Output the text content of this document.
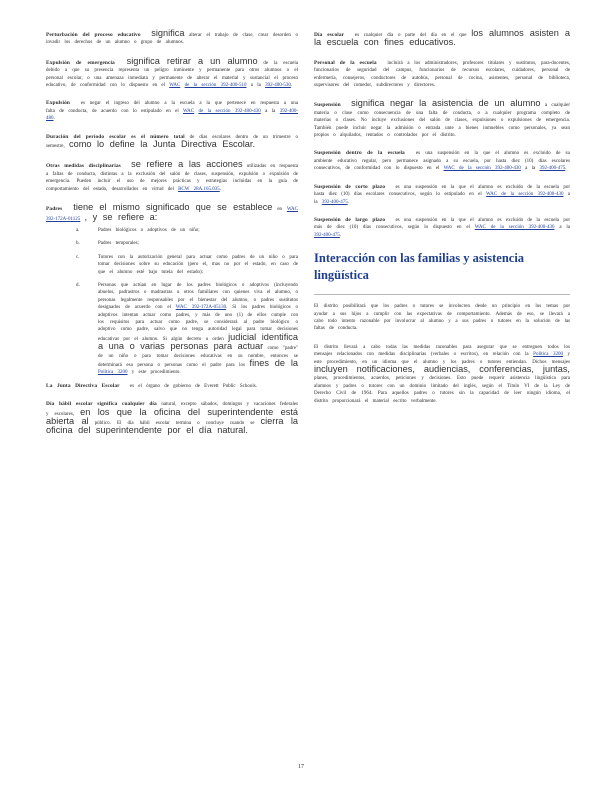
Perturbación del proceso educativo significa alterar el trabajo de clase, crear desorden o invadir los derechos de un alumno o grupo de alumnos.
Expulsión de emergencia significa retirar a un alumno de la escuela debido a que su presencia representa un peligro inminente y permanente para otros alumnos o el personal escolar, o una amenaza inmediata y permanente de alterar el material y sustancial el proceso educativo, de conformidad con lo dispuesto en el WAC de la sección 392-400-510 a la 392-400-530.
Expulsión es negar el ingreso del alumno a la escuela a la que pertenece en respuesta a una falta de conducta, de acuerdo con lo estipulado en el WAC de la sección 392-400-430 a la 392-400-480.
Duración del período escolar es el número total de días escolares dentro de un trimestre o semestre, como lo define la Junta Directiva Escolar.
Otras medidas disciplinarias se refiere a las acciones utilizadas en respuesta a faltas de conducta, distintas a la exclusión del salón de clases, suspensión, expulsión o expulsión de emergencia. Pueden incluir el uso de mejores prácticas y estrategias incluidas en la guía de comportamiento del estado, desarrollados en virtud del RCW 28A.165.035.
Padres tiene el mismo significado que se establece en WAC 392-172A-01125 , y se refiere a:
a.	Padres biológicos o adoptivos de un niño;
b.	Padres temporales;
c.	Tutores con la autorización general para actuar como padres de un niño o para tomar decisiones sobre su educación (pero el, mas no por el estado, en caso de que el alumno esté bajo tutela del estado);
d.	Personas que actúan en lugar de los padres biológicos o adoptivos (incluyendo abuelos, padrastros o madrastras u otros familiares con quienes viva el alumno, o personas legalmente responsables por el bienestar del alumno, o padres sustitutos designados de acuerdo con el WAC 392-172A-05130. Si los padres biológicos o adoptivos intentan actuar como padres, y más de uno (1) de ellos cumple con los requisitos para actuar como padre, se considerará al padre biológico o adoptivo como padre, salvo que no tenga autoridad legal para tomar decisiones educativas por el alumno. Si algún decreto u orden judicial identifica a una o varias personas para actuar como "padre" de un niño o para tomar decisiones educativas en su nombre, entonces se determinará esa persona o personas como el padre para los fines de la Política 3200 y este procedimiento.
La Junta Directiva Escolar es el órgano de gobierno de Everett Public Schools.
Día hábil escolar significa cualquier día natural, excepto sábados, domingos y vacaciones federales y escolares, en los que la oficina del superintendente está abierta al público. El día hábil escolar termina o concluye cuando se cierra la oficina del superintendente por el día natural.
Día escolar es cualquier día o parte del día en el que los alumnos asisten a la escuela con fines educativos.
Personal de la escuela incluirá a los administradores, profesores titulares y sustitutos, para-docentes, funcionarios de seguridad del campus, funcionarios de recursos escolares, cuidadores, personal de enfermería, consejeros, conductores de autobús, personal de cocina, asistentes, personal de biblioteca, supervisores del comedor, subdirectores y directores.
Suspensión significa negar la asistencia de un alumno a cualquier materia o clase como consecuencia de una falta de conducta, o a cualquier programa completo de materias o clases. No incluye exclusiones del salón de clases, expulsiones o expulsiones de emergencia. También puede incluir negar la admisión o entrada unte a bienes inmuebles como personales, ya sean propios o alquilados, rentados o controlados por el distrito.
Suspensión dentro de la escuela es una suspensión en la que el alumno es excluido de su ambiente educativo regular, pero permanece asignado a su escuela, por hasta diez (10) días escolares consecutivos, de conformidad con lo dispuesto en el WAC de la sección 392-400-430 a la 392-400-475.
Suspensión de corto plazo es una suspensión en la que el alumno es excluido de la escuela por hasta diez (10) días escolares consecutivos, según lo estipulado en el WAC de la sección 392-400-430 a la 392-400-475.
Suspensión de largo plazo es una suspensión en la que el alumno es excluido de la escuela por más de diez (10) días consecutivos, según lo dispuesto en el WAC de la sección 392-400-430 a la 392-400-475.
Interacción con las familias y asistencia lingüística
El distrito posibilitará que los padres o tutores se involucren desde un principio en los temas por ayudar a sus hijos a cumplir con las expectativas de comportamiento. Además de eso, se llevará a cabo todo intento razonable por involucrar al alumno y a sus padres o tutores en la solución de las faltas de conducta.
El distrito llevará a cabo todas las medidas razonables para asegurar que se entreguen todos los mensajes relacionados con medidas disciplinarias (verbales o escritos), en relación con la Política 3200 y este procedimiento, en un idioma que el alumno y los padres o tutores entiendan. Dichos mensajes incluyen notificaciones, audiencias, conferencias, juntas, planes, procedimientos, acuerdos, peticiones y decisiones. Esto puede requerir asistencia lingüística para alumnos y padres o tutores con un dominio limitado del inglés, según el Título VI de la Ley de Derecho Civil de 1964. Para aquellos padres o tutores sin la capacidad de leer ningún idioma, el distrito proporcionará el material escrito verbalmente.
17
